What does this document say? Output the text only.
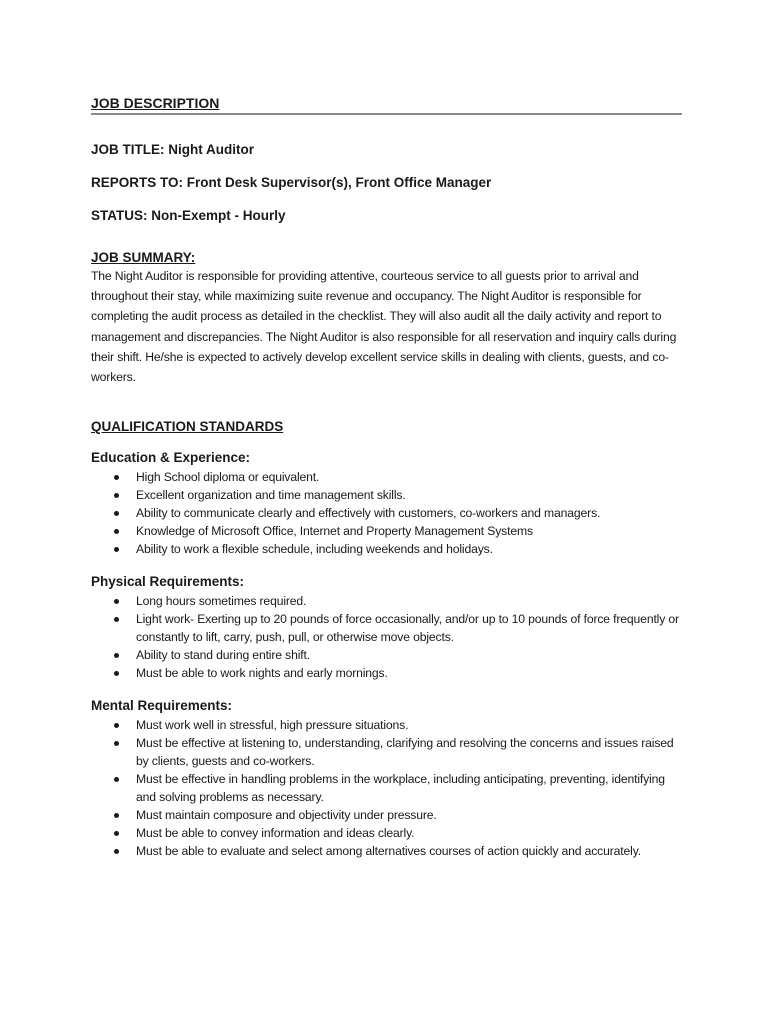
JOB DESCRIPTION

JOB TITLE: Night Auditor

REPORTS TO: Front Desk Supervisor(s), Front Office Manager

STATUS: Non-Exempt - Hourly

JOB SUMMARY:

The Night Auditor is responsible for providing attentive, courteous service to all guests prior to arrival and throughout their stay, while maximizing suite revenue and occupancy. The Night Auditor is responsible for completing the audit process as detailed in the checklist. They will also audit all the daily activity and report to management and discrepancies. The Night Auditor is also responsible for all reservation and inquiry calls during their shift. He/she is expected to actively develop excellent service skills in dealing with clients, guests, and co-workers.

QUALIFICATION STANDARDS
Education & Experience:
High School diploma or equivalent.
Excellent organization and time management skills.
Ability to communicate clearly and effectively with customers, co-workers and managers.
Knowledge of Microsoft Office, Internet and Property Management Systems
Ability to work a flexible schedule, including weekends and holidays.
Physical Requirements:
Long hours sometimes required.
Light work- Exerting up to 20 pounds of force occasionally, and/or up to 10 pounds of force frequently or constantly to lift, carry, push, pull, or otherwise move objects.
Ability to stand during entire shift.
Must be able to work nights and early mornings.
Mental Requirements:
Must work well in stressful, high pressure situations.
Must be effective at listening to, understanding, clarifying and resolving the concerns and issues raised by clients, guests and co-workers.
Must be effective in handling problems in the workplace, including anticipating, preventing, identifying and solving problems as necessary.
Must maintain composure and objectivity under pressure.
Must be able to convey information and ideas clearly.
Must be able to evaluate and select among alternatives courses of action quickly and accurately.
